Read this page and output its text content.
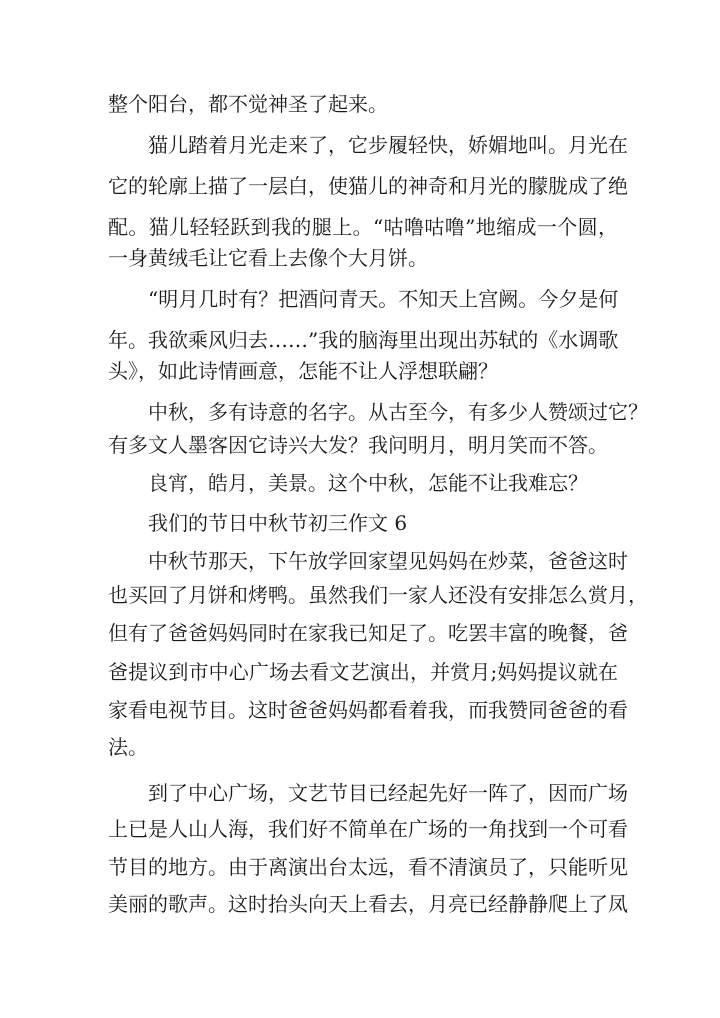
整个阳台，都不觉神圣了起来。
猫儿踏着月光走来了，它步履轻快，娇媚地叫。月光在
它的轮廓上描了一层白，使猫儿的神奇和月光的朦胧成了绝
配。猫儿轻轻跃到我的腿上。“咕噜咕噜”地缩成一个圆，
一身黄绒毛让它看上去像个大月饼。
“明月几时有？把酒问青天。不知天上宫阙。今夕是何
年。我欲乘风归去……”我的脑海里出现出苏轼的《水调歌
头》，如此诗情画意，怎能不让人浮想联翩？
中秋，多有诗意的名字。从古至今，有多少人赞颂过它？
有多文人墨客因它诗兴大发？我问明月，明月笑而不答。
良宵，皓月，美景。这个中秋，怎能不让我难忘？
我们的节日中秋节初三作文 6
中秋节那天，下午放学回家望见妈妈在炒菜，爸爸这时
也买回了月饼和烤鸭。虽然我们一家人还没有安排怎么赏月，
但有了爸爸妈妈同时在家我已知足了。吃罢丰富的晚餐，爸
爸提议到市中心广场去看文艺演出，并赏月;妈妈提议就在
家看电视节目。这时爸爸妈妈都看着我，而我赞同爸爸的看
法。
到了中心广场，文艺节目已经起先好一阵了，因而广场
上已是人山人海，我们好不简单在广场的一角找到一个可看
节目的地方。由于离演出台太远，看不清演员了，只能听见
美丽的歌声。这时抬头向天上看去，月亮已经静静爬上了凤
